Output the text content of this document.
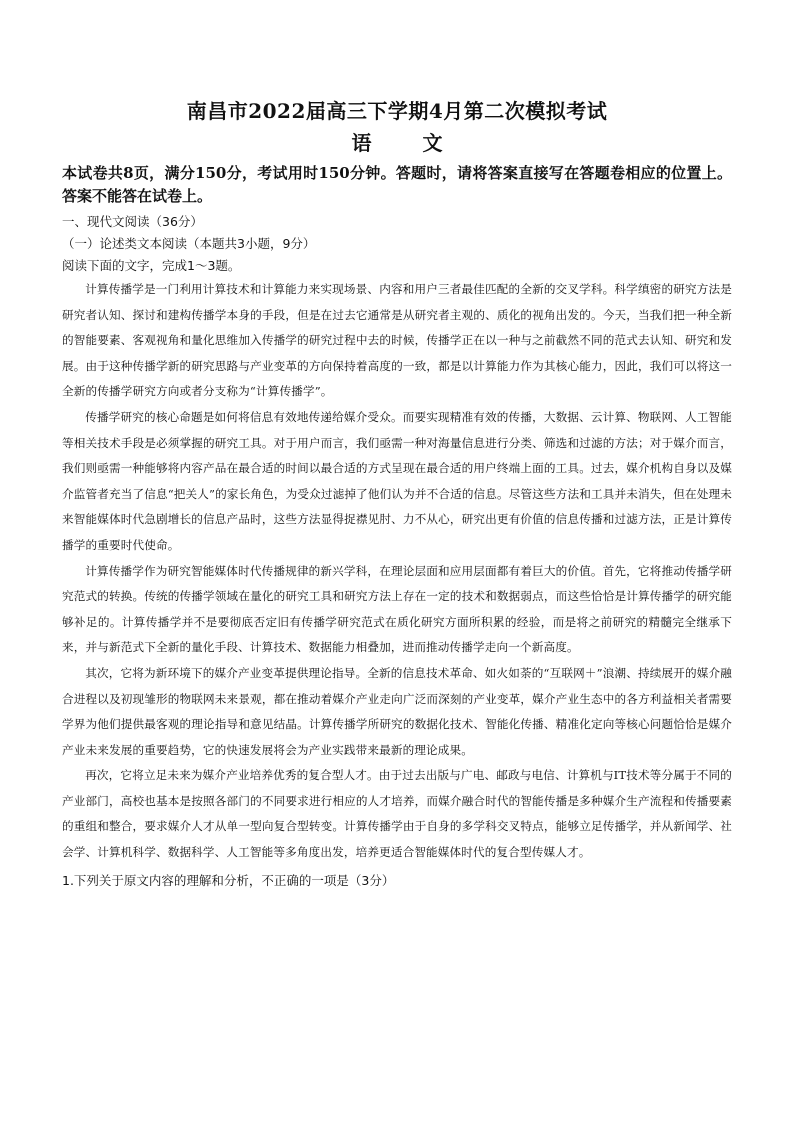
南昌市2022届高三下学期4月第二次模拟考试
语 文
本试卷共8页，满分150分，考试用时150分钟。答题时，请将答案直接写在答题卷相应的位置上。答案不能答在试卷上。
一、现代文阅读（36分）
（一）论述类文本阅读（本题共3小题，9分）
阅读下面的文字，完成1～3题。

计算传播学是一门利用计算技术和计算能力来实现场景、内容和用户三者最佳匹配的全新的交叉学科。科学缜密的研究方法是研究者认知、探讨和建构传播学本身的手段，但是在过去它通常是从研究者主观的、质化的视角出发的。今天，当我们把一种全新的智能要素、客观视角和量化思维加入传播学的研究过程中去的时候，传播学正在以一种与之前截然不同的范式去认知、研究和发展。由于这种传播学新的研究思路与产业变革的方向保持着高度的一致，都是以计算能力作为其核心能力，因此，我们可以将这一全新的传播学研究方向或者分支称为“计算传播学”。

传播学研究的核心命题是如何将信息有效地传递给媒介受众。而要实现精准有效的传播，大数据、云计算、物联网、人工智能等相关技术手段是必须掌握的研究工具。对于用户而言，我们亟需一种对海量信息进行分类、筛选和过滤的方法；对于媒介而言，我们则亟需一种能够将内容产品在最合适的时间以最合适的方式呈现在最合适的用户终端上面的工具。过去，媒介机构自身以及媒介监管者充当了信息“把关人”的家长角色，为受众过滤掉了他们认为并不合适的信息。尽管这些方法和工具并未消失，但在处理未来智能媒体时代急剧增长的信息产品时，这些方法显得捉襟见肘、力不从心，研究出更有价值的信息传播和过滤方法，正是计算传播学的重要时代使命。

计算传播学作为研究智能媒体时代传播规律的新兴学科，在理论层面和应用层面都有着巨大的价值。首先，它将推动传播学研究范式的转换。传统的传播学领域在量化的研究工具和研究方法上存在一定的技术和数据弱点，而这些恰恰是计算传播学的研究能够补足的。计算传播学并不是要彻底否定旧有传播学研究范式在质化研究方面所积累的经验，而是将之前研究的精髓完全继承下来，并与新范式下全新的量化手段、计算技术、数据能力相叠加，进而推动传播学走向一个新高度。

其次，它将为新环境下的媒介产业变革提供理论指导。全新的信息技术革命、如火如荼的“互联网＋”浪潮、持续展开的媒介融合进程以及初现雏形的物联网未来景观，都在推动着媒介产业走向广泛而深刻的产业变革，媒介产业生态中的各方利益相关者需要学界为他们提供最客观的理论指导和意见结晶。计算传播学所研究的数据化技术、智能化传播、精准化定向等核心问题恰恰是媒介产业未来发展的重要趋势，它的快速发展将会为产业实践带来最新的理论成果。

再次，它将立足未来为媒介产业培养优秀的复合型人才。由于过去出版与广电、邮政与电信、计算机与IT技术等分属于不同的产业部门，高校也基本是按照各部门的不同要求进行相应的人才培养，而媒介融合时代的智能传播是多种媒介生产流程和传播要素的重组和整合，要求媒介人才从单一型向复合型转变。计算传播学由于自身的多学科交叉特点，能够立足传播学，并从新闻学、社会学、计算机科学、数据科学、人工智能等多角度出发，培养更适合智能媒体时代的复合型传媒人才。

1.下列关于原文内容的理解和分析，不正确的一项是（3分）
